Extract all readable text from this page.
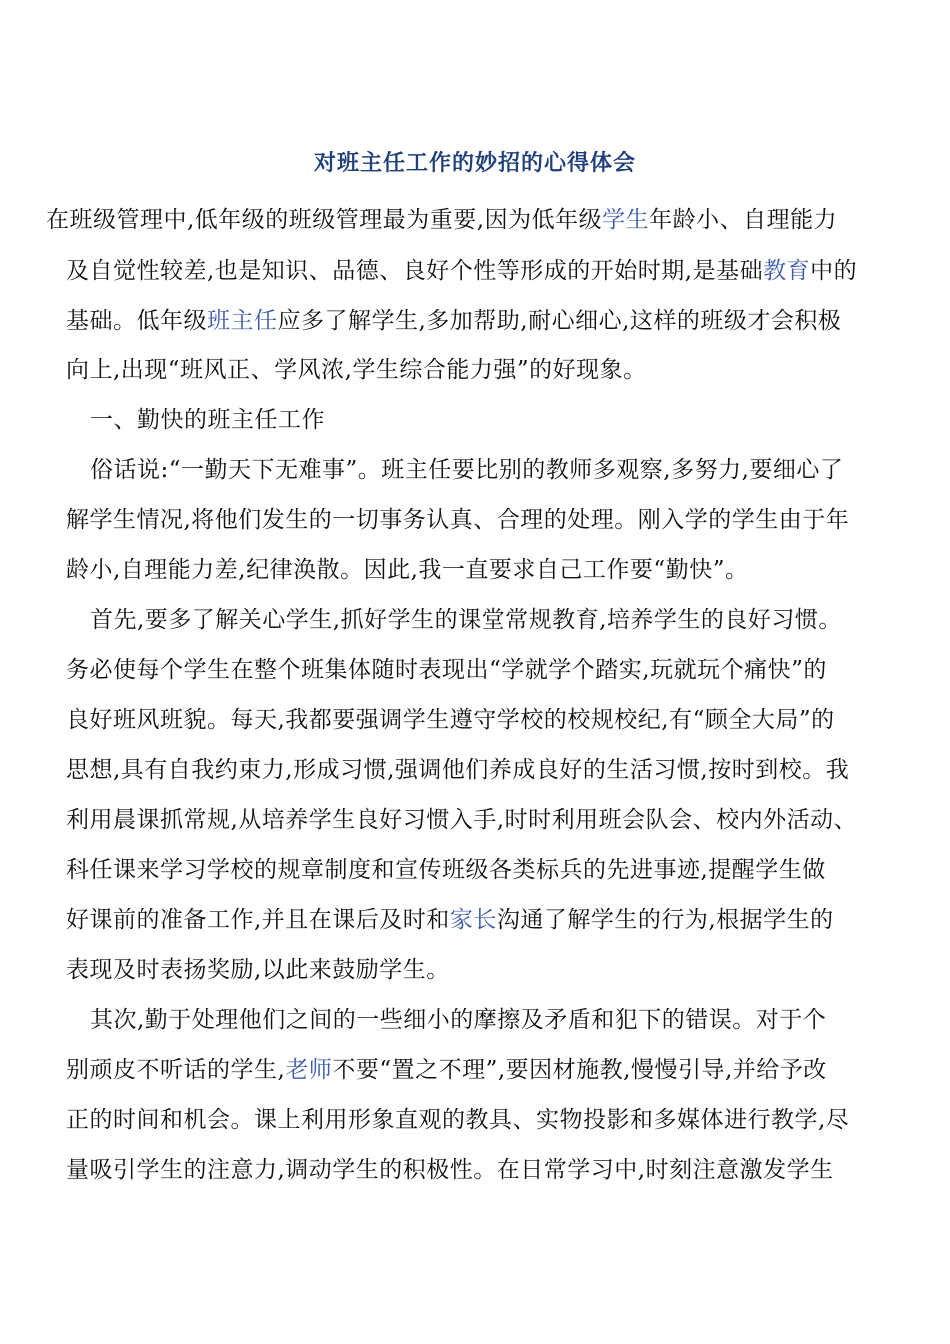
对班主任工作的妙招的心得体会
在班级管理中,低年级的班级管理最为重要,因为低年级学生年龄小、自理能力
及自觉性较差,也是知识、品德、良好个性等形成的开始时期,是基础教育中的
基础。低年级班主任应多了解学生,多加帮助,耐心细心,这样的班级才会积极
向上,出现“班风正、学风浓,学生综合能力强”的好现象。
一、勤快的班主任工作
俗话说:“一勤天下无难事”。班主任要比别的教师多观察,多努力,要细心了
解学生情况,将他们发生的一切事务认真、合理的处理。刚入学的学生由于年
龄小,自理能力差,纪律涣散。因此,我一直要求自己工作要“勤快”。
首先,要多了解关心学生,抓好学生的课堂常规教育,培养学生的良好习惯。
务必使每个学生在整个班集体随时表现出“学就学个踏实,玩就玩个痛快”的
良好班风班貌。每天,我都要强调学生遵守学校的校规校纪,有“顾全大局”的
思想,具有自我约束力,形成习惯,强调他们养成良好的生活习惯,按时到校。我
利用晨课抓常规,从培养学生良好习惯入手,时时利用班会队会、校内外活动、
科任课来学习学校的规章制度和宣传班级各类标兵的先进事迹,提醒学生做
好课前的准备工作,并且在课后及时和家长沟通了解学生的行为,根据学生的
表现及时表扬奖励,以此来鼓励学生。
其次,勤于处理他们之间的一些细小的摩擦及矛盾和犯下的错误。对于个
别顽皮不听话的学生,老师不要“置之不理”,要因材施教,慢慢引导,并给予改
正的时间和机会。课上利用形象直观的教具、实物投影和多媒体进行教学,尽
量吸引学生的注意力,调动学生的积极性。在日常学习中,时刻注意激发学生
